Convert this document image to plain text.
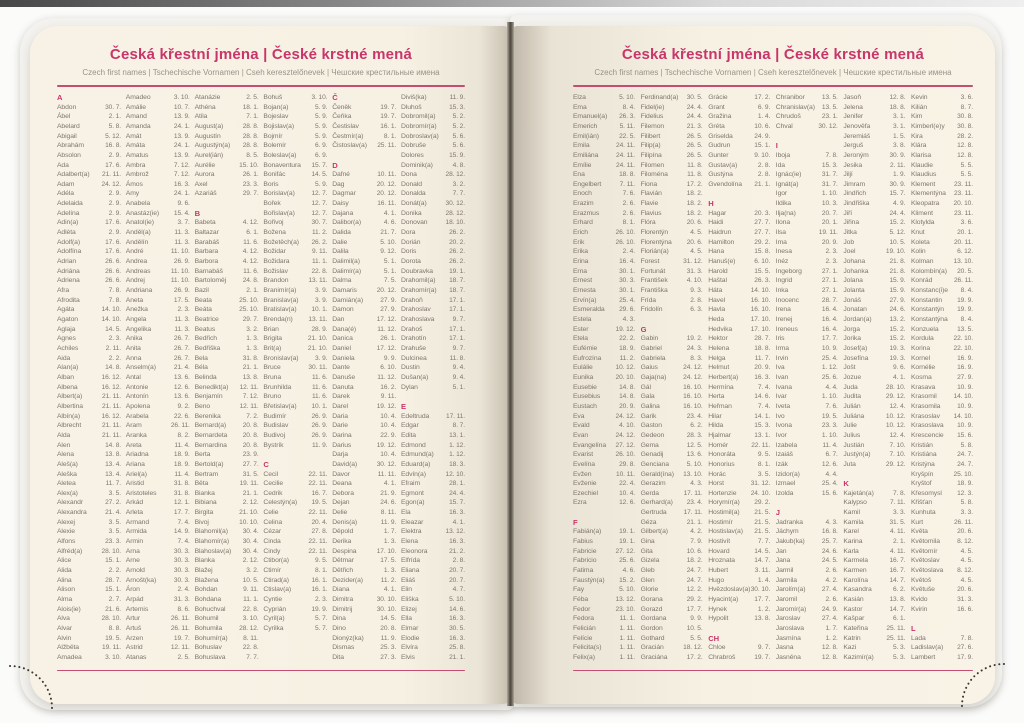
Česká křestní jména | České krstné mená
Czech first names | Tschechische Vornamen | Cseh keresztelőnevek | Чешские крестильные имена
A
Abdon	30. 7.
Ábel	2. 1.
Abelard	5. 8.
Abigail	5. 12.
Abrahám	16. 8.
Absolon	2. 9.
Ada	17. 6.
Adalbert(a) 21. 11.
Adam	24. 12.
Adéla	2. 9.
Adelaida	2. 9.
Adelína	2. 9.
Adin(a)	17. 6.
Adléta	2. 9.
Adolf(a)	17. 6.
Adolfína	17. 6.
Adrian	26. 6.
Adriána	26. 6.
Adriena	26. 6.
Afra	7. 8.
Afrodita	7. 8.
Agáta	14. 10.
Agaton	14. 10.
Aglaja	14. 5.
Agnes	2. 3.
Achiles	2. 11.
Aida	2. 2.
Alan(a)	14. 8.
Alban	16. 12.
Albena	16. 12.
Albert(a)	21. 11.
Albertina	21. 11.
Albín(a)	16. 12.
Albrecht	21. 11.
Alda	21. 11.
Alen	14. 8.
Alena	13. 8.
Aleš(a)	13. 4.
Aleška	13. 4.
Aletea	11. 7.
Alex(a)	3. 5.
Alexandr	27. 2.
Alexandra	21. 4.
Alexej	3. 5.
Alexie	3. 5.
Alfons	23. 3.
Alfréd(a)	28. 10.
Alice	15. 1.
Alida	2. 2.
Alina	28. 7.
Alison	15. 1.
Alma	2. 7.
Alois(ie)	21. 6.
Alva	28. 10.
Alvar	8. 8.
Alvin	19. 5.
Alžběta	19. 11.
Amadea	3. 10.
Amadeo	3. 10.
Amálie	10. 7.
Amand	13. 9.
Amanda	24. 1.
Amát	13. 9.
Amáta	24. 1.
Amatus	13. 9.
Ambra	7. 12.
Ambrož	7. 12.
Ámos	16. 3.
Amy	24. 1.
Anabela	9. 6.
Anastáz(ie) 15. 4.
Anatol(ie)	3. 7.
Anděl(a)	11. 3.
Andělín	11. 3.
André	11. 10.
Andrea	26. 9.
Andreas	11. 10.
Andrej	11. 10.
Andriana	26. 9.
Aneta	17. 5.
Anežka	2. 3.
Angela	11. 3.
Angelika	11. 3.
Anika	26. 7.
Anita	26. 7.
Anna	26. 7.
Anselm(a)	21. 4.
Antal	13. 6.
Antonie	12. 6.
Antonín	13. 6.
Apolena	9. 2.
Arabela	22. 6.
Aram	26. 11.
Aranka	8. 2.
Areta	11. 4.
Ariadna	18. 9.
Ariana	18. 9.
Ariel(a)	11. 4.
Aristid	31. 8.
Aristoteles	31. 8.
Arkád	12. 1.
Arleta	17. 7.
Armand	7. 4.
Armida	14. 9.
Armin	7. 4.
Arna	30. 3.
Arne	30. 3.
Arnold	30. 3.
Arnošt(ka)	30. 3.
Áron	2. 4.
Arpád	31. 3.
Artemis	8. 6.
Artur	26. 11.
Artuš	26. 11.
Arzen	19. 7.
Astrid	12. 11.
Atanas	2. 5.
Atanázie	2. 5.
Athéna	18. 1.
Atila	7. 1.
August(a)	28. 8.
Augustín	28. 8.
Augustýn(a) 28. 8.
Aurel(ián)	8. 5.
Aurélie	15. 10.
Aurora	26. 1.
Axel	23. 3.
Azariáš	29. 7.
B
Babeta	4. 12.
Baltazar	6. 1.
Barabáš	11. 6.
Barbara	4. 12.
Barbora	4. 12.
Barnabáš	11. 6.
Bartoloměj	24. 8.
Bazil	2. 1.
Beata	25. 10.
Beáta	25. 10.
Beatrice	29. 7.
Beatus	3. 2.
Bedřich	1. 3.
Bedřiška	1. 3.
Bela	31. 8.
Béla	21. 1.
Belinda	13. 8.
Benedikt(a) 12. 11.
Benjamín	7. 12.
Beno	12. 11.
Berenika	7. 2.
Bernard(a)	20. 8.
Bernardeta 20. 8.
Bernardina 20. 8.
Berta	23. 9.
Bertold(a)	27. 7.
Bertram	31. 5.
Běta	19. 11.
Bianka	21. 1.
Bibiana	2. 12.
Birgita	21. 10.
Bivoj	10. 10.
Blahomil(a) 30. 4.
Blahomír(a) 30. 4.
Blahoslav(a) 30. 4.
Blanka	2. 12.
Blažej	3. 2.
Blažena	10. 5.
Bohdan	9. 11.
Bohdana	11. 1.
Bohuchval	22. 8.
Bohumil	3. 10.
Bohumila	28. 12.
Bohumír(a) 8. 11.
Bohuslav	22. 8.
Bohuslava	7. 7.
Bohuš	3. 10.
Bojan(a)	5. 9.
Bojeslav	5. 9.
Bojislav(a)	5. 9.
Bojmír	5. 9.
Bolemír	6. 9.
Boleslav(a)	6. 9.
Bonaventura 15. 7.
Bonifác	14. 5.
Boris	5. 9.
Borislav(a)	12. 7.
Bořek	12. 7.
Bořislav(a)	12. 7.
Bořivoj	30. 7.
Božena	11. 2.
Božetěch(a) 26. 2.
Božidar	9. 11.
Božidara	11. 1.
Božislav	22. 8.
Brandon	13. 11.
Branimír(a)	3. 9.
Branislav(a)	3. 9.
Bratislav(a) 10. 1.
Brenda(n) 13. 11.
Brian	28. 9.
Brigita	21. 10.
Brit(a)	21. 10.
Bronislav(a)	3. 9.
Bruce	30. 11.
Bruna	11. 6.
Brunhilda	11. 6.
Bruno	11. 6.
Břetislav(a) 10. 1.
Budimír	26. 9.
Budislav	26. 9.
Budivoj	26. 9.
Bystrík	11. 9.
C
Cecil	22. 11.
Cecilie	22. 11.
Cedrik	16. 7.
Celestýn(a) 19. 5.
Celie	22. 11.
Celina	20. 4.
Cézar	27. 8.
Cinda	22. 11.
Cindy	22. 11.
Ctibor(a)	9. 5.
Ctimír	8. 1.
Ctirad(a)	16. 1.
Ctislav(a)	16. 1.
Cyntie	2. 3.
Cyprián	19. 9.
Cyril(a)	5. 7.
Cyrilka	5. 7.
Č
Čeněk	19. 7.
Čeňka	19. 7.
Čestislav	16. 1.
Čestmír(a)	8. 1.
Čistoslav(a) 25. 11.
D
Dafné	10. 11.
Dag	20. 12.
Dagmar	20. 12.
Daisy	16. 11.
Dajana	4. 1.
Dalibor(a)	4. 6.
Dalida	21. 7.
Dalie	5. 10.
Dalila	9. 12.
Dalimil(a)	5. 1.
Dalimír(a)	5. 1.
Dalma	7. 5.
Damaris	20. 12.
Damián(a)	27. 9.
Damon	27. 9.
Dan	17. 12.
Dana(é)	11. 12.
Danica	26. 1.
Daniel	17. 12.
Daniela	9. 9.
Dante	6. 10.
Danuše	11. 12.
Danuta	16. 2.
Darek	9. 11.
Darel	19. 12.
Daria	10. 4.
Darie	10. 4.
Darina	22. 9.
Darius	19. 12.
Darja	10. 4.
David(a)	30. 12.
Davor	11. 11.
Deana	4. 1.
Debora	21. 9.
Dejan	24. 6.
Delie	8. 11.
Denis(a)	11. 9.
Děpold	1. 7.
Derika	1. 3.
Despina	17. 10.
Dětmar	17. 5.
Dětřich	1. 3.
Dezider(a)	11. 2.
Diana	4. 1.
Dimitra	30. 10.
Dimitrij	30. 10.
Dina	14. 5.
Dino	20. 8.
Dionýz(ka)	11. 9.
Dismas	25. 3.
Dita	27. 3.
Diviš(ka)	11. 9.
Dluhoš	15. 3.
Dobromil(a)	5. 2.
Dobromír(a) 5. 2.
Dobroslav(a) 5. 6.
Dobruše	5. 6.
Dolores	15. 9.
Dominik(a)	4. 8.
Dona	28. 12.
Donald	3. 2.
Donalda	7. 7.
Donát(a)	30. 12.
Donika	28. 12.
Donovan	18. 10.
Dora	26. 2.
Dorián	20. 2.
Doris	26. 2.
Dorota	26. 2.
Doubravka 19. 1.
Drahomil(a) 18. 7.
Drahomír(a) 18. 7.
Drahoň	17. 1.
Drahoslav	17. 1.
Drahoslava	9. 7.
Drahoš	17. 1.
Drahotín	17. 1.
Drahuše	9. 7.
Dulcinea	11. 8.
Dustin	9. 4.
Dušan(a)	9. 4.
Dylan	5. 1.
E
Edeltruda	17. 11.
Edgar	8. 7.
Edita	13. 1.
Edmond	1. 12.
Edmund(a) 1. 12.
Eduard(a)	18. 3.
Edvín(a)	12. 10.
Efraim	28. 1.
Egmont	24. 4.
Egon(a)	15. 7.
Ela	16. 3.
Eleazar	4. 1.
Elektra	13. 12.
Elena	16. 3.
Eleonora	21. 2.
Elfrída	2. 8.
Eliana	20. 7.
Eliáš	20. 7.
Elin	4. 7.
Eliška	5. 10.
Elizej	14. 6.
Ella	16. 3.
Elmar	30. 5.
Elodie	16. 3.
Elvíra	25. 8.
Elvis	21. 1.
Česká křestní jména | České krstné mená
Czech first names | Tschechische Vornamen | Cseh keresztelőnevek | Чешские крестильные имена
Elza	5. 10.
Ema	8. 4.
Emanuel(a) 26. 3.
Emerich	5. 11.
Emil(ián)	22. 5.
Emila	24. 11.
Emiliána	24. 11.
Emílie	24. 11.
Ena	18. 8.
Engelbert	7. 11.
Enoch	7. 6.
Erazim	2. 6.
Erazmus	2. 6.
Erhard	8. 1.
Erich	26. 10.
Erik	26. 10.
Erika	2. 4.
Erina	16. 4.
Erna	30. 1.
Ernest	30. 3.
Ernesta	30. 1.
Ervín(a)	25. 4.
Esmeralda 29. 6.
Estela	4. 3.
Ester	19. 12.
Etela	22. 2.
Eufémie	18. 9.
Eufrozína	11. 2.
Eulálie	10. 12.
Eunika	20. 10.
Eusebie	14. 8.
Eusebius	14. 8.
Eustach	20. 9.
Eva	24. 12.
Evald	4. 10.
Evan	24. 12.
Evangelína 27. 12.
Evarist	26. 10.
Evelína	29. 8.
Evžen	10. 11.
Evženie	22. 4.
Ezechiel	10. 4.
Ezra	12. 6.
F
Fabián(a)	19. 1.
Fabius	19. 1.
Fabricie	27. 12.
Fabricio	25. 6.
Fatima	4. 6.
Faustýn(a) 15. 2.
Fay	5. 10.
Féba	13. 12.
Fedor	23. 10.
Fedora	11. 1.
Felicián	1. 11.
Felície	1. 11.
Felicita(s)	1. 11.
Felix(a)	1. 11.
Ferdinand(a) 30. 5.
Fidel(ie)	24. 4.
Fidelius	24. 4.
Filemon	21. 3.
Filibert	26. 5.
Filip(a)	26. 5.
Filipína	26. 5.
Filomen	11. 8.
Filoména	11. 8.
Fiona	17. 2.
Flavián	18. 2.
Flavie	18. 2.
Flavius	18. 2.
Flóra	20. 6.
Florentýn	4. 5.
Florentýna 20. 6.
Florián(a)	4. 5.
Forest	31. 12.
Fortunát	31. 3.
František	4. 10.
Františka	9. 3.
Frída	2. 8.
Fridolín	6. 3.
G
Gabin	19. 2.
Gabriel	24. 3.
Gabriela	8. 3.
Gaius	24. 12.
Gaja(na)	24. 12.
Gál	16. 10.
Gala	16. 10.
Galina	16. 10.
Garik	23. 4.
Gaston	6. 2.
Gedeon	28. 3.
Gema	12. 5.
Genadij	13. 6.
Genciana	5. 10.
Gerald(ína) 13. 10.
Gerazim	4. 3.
Gerda	17. 11.
Gerhard(a) 23. 4.
Gertruda	17. 11.
Géza	21. 1.
Gilbert(a)	4. 2.
Gina	7. 9.
Gita	10. 6.
Gizela	18. 2.
Gleb	24. 7.
Glen	24. 7.
Glorie	12. 2.
Gorana	29. 2.
Gorazd	17. 7.
Gordana	9. 9.
Gordon	10. 5.
Gothard	5. 5.
Gracián	18. 12.
Graciána	17. 2.
Grácie	17. 2.
Grant	6. 9.
Gražina	1. 4.
Gréta	10. 6.
Griselda	24. 9.
Gudrun	15. 1.
Gunter	9. 10.
Gustav(a)	2. 8.
Gustýna	2. 8.
Gvendolína 21. 1.
H
Hagar	20. 3.
Haidi	27. 7.
Haidrun	27. 7.
Hamilton	29. 2.
Hana	15. 8.
Hanuš(e)	6. 10.
Harold	15. 5.
Haštal	26. 3.
Háta	14. 10.
Havel	16. 10.
Havla	16. 10.
Heda	17. 10.
Hedvika	17. 10.
Hektor	28. 7.
Helena	18. 8.
Helga	11. 7.
Helmut	20. 9.
Herbert(a) 16. 3.
Hermína	7. 4.
Herta	14. 6.
Heřman	7. 4.
Hilar	14. 1.
Hilda	15. 3.
Hjalmar	13. 1.
Homér	22. 11.
Honoráta	9. 5.
Honorius	8. 1.
Horác	3. 5.
Horst	31. 12.
Hortenzie 24. 10.
Horymír(a) 29. 2.
Hostimil(a) 21. 5.
Hostimír	21. 5.
Hostislav(a) 21. 5.
Hostivít	7. 7.
Hovard	14. 5.
Hroznata	14. 7.
Hubert	3. 11.
Hugo	1. 4.
Hvězdoslav(a) 30. 10.
Hyacint(a) 17. 7.
Hynek	1. 2.
Hypolit	13. 8.
CH
Chloe	9. 7.
Chrabroš	19. 7.
Chranibor	13. 5.
Chranislav(a) 13. 5.
Chrudoš	23. 1.
Chval	30. 12.
I
Iboja	7. 8.
Ida	15. 3.
Ignác(ie)	31. 7.
Ignát(a)	31. 7.
Igor	1. 10.
Ildika	10. 3.
Ilja(na)	20. 7.
Ilona	20. 1.
Ilsa	19. 11.
Ima	20. 9.
Inesa	2. 3.
Inéz	2. 3.
Ingeborg	27. 1.
Ingrid	27. 1.
Inka	27. 1.
Inocenc	28. 7.
Irena	16. 4.
Irenej	16. 4.
Ireneus	16. 4.
Iris	17. 7.
Irma	10. 9.
Irvin	25. 4.
Iva	1. 12.
Ivan	25. 6.
Ivana	4. 4.
Ivar	1. 10.
Iveta	7. 6.
Ivo	19. 5.
Ivona	23. 3.
Ivor	1. 10.
Izabela	11. 4.
Izaiáš	6. 7.
Izák	12. 6.
Izidor(a)	4. 4.
Izmael	25. 4.
Izolda	15. 6.
J
Jadranka	4. 3.
Jáchym	16. 8.
Jakub(ka)	25. 7.
Jan	24. 6.
Jana	24. 5.
Jarmil	2. 6.
Jarmila	4. 2.
Jarolím(a)	27. 4.
Jaromil	2. 6.
Jaromír(a) 24. 9.
Jaroslav	27. 4.
Jaroslava	1. 7.
Jasmína	1. 2.
Jasna	12. 8.
Jasněna	12. 8.
Jasoň	12. 8.
Jelena	18. 8.
Jenifer	3. 1.
Jenověfa	3. 1.
Jeremiáš	1. 5.
Jerguš	3. 8.
Jeroným	30. 9.
Jesika	2. 11.
Jiljí	1. 9.
Jimram	30. 9.
Jindřich	15. 7.
Jindřiška	4. 9.
Jiří	24. 4.
Jiřina	15. 2.
Jitka	5. 12.
Job	10. 5.
Joel	19. 10.
Johana	21. 8.
Johanka	21. 8.
Jolana	15. 9.
Jolanta	15. 9.
Jonáš	27. 9.
Jonatan	24. 6.
Jordan(a)	13. 2.
Jorga	15. 2.
Jorika	15. 2.
Josef(a)	19. 3.
Josefína	19. 3.
Jošt	9. 6.
Jozue	4. 1.
Juda	28. 10.
Judita	29. 12.
Julián	12. 4.
Juliána	10. 12.
Julie	10. 12.
Julius	12. 4.
Justián	7. 10.
Justýn(a)	7. 10.
Juta	29. 12.
K
Kajetán(a)	7. 8.
Kalypso	7. 11.
Kamil	3. 3.
Kamila	31. 5.
Karel	4. 11.
Karina	2. 1.
Karla	4. 11.
Karmela	16. 7.
Karmen	16. 7.
Karolína	14. 7.
Kasandra	6. 2.
Kasián	13. 8.
Kastor	14. 7.
Kašpar	6. 1.
Kateřina	25. 11.
Katrin	25. 11.
Kazi	5. 3.
Kazimír(a)	5. 3.
Kevin	3. 6.
Kilián	8. 7.
Kim	30. 8.
Kimberl(e)y 30. 8.
Kira	28. 2.
Klára	12. 8.
Klarisa	12. 8.
Klaudie	5. 5.
Klaudius	5. 5.
Klement	23. 11.
Klementýna 23. 11.
Kleopatra 20. 10.
Kliment	23. 11.
Klotylda	3. 6.
Knut	20. 1.
Koleta	20. 11.
Kolin	6. 12.
Kolman	13. 10.
Kolombín(a) 20. 5.
Konrád	26. 11.
Konstanc(i)e 8. 4.
Konstantin 19. 9.
Konstantýn 19. 9.
Konstantýna 8. 4.
Konzuela	13. 5.
Kordula	22. 10.
Korina	22. 10.
Kornel	16. 9.
Kornélie	16. 9.
Kosma	27. 9.
Krasava	10. 9.
Krasomil	14. 10.
Krasomila	10. 9.
Krasoslav 14. 10.
Krasoslava 10. 9.
Krescencie 15. 6.
Kristián	5. 8.
Kristiána	24. 7.
Kristýna	24. 7.
Kryšpín	25. 10.
Kryštof	18. 9.
Křesomysl 12. 3.
Křišťan	5. 8.
Kunhuta	3. 3.
Kurt	26. 11.
Květa	20. 6.
Květomila	8. 12.
Květomír	4. 5.
Květoslav	4. 5.
Květoslava 8. 12.
Květoš	4. 5.
Květuše	20. 6.
Kvido	31. 3.
Kvirin	16. 6.
L
Lada	7. 8.
Ladislav(a) 27. 6.
Lambert	17. 9.
